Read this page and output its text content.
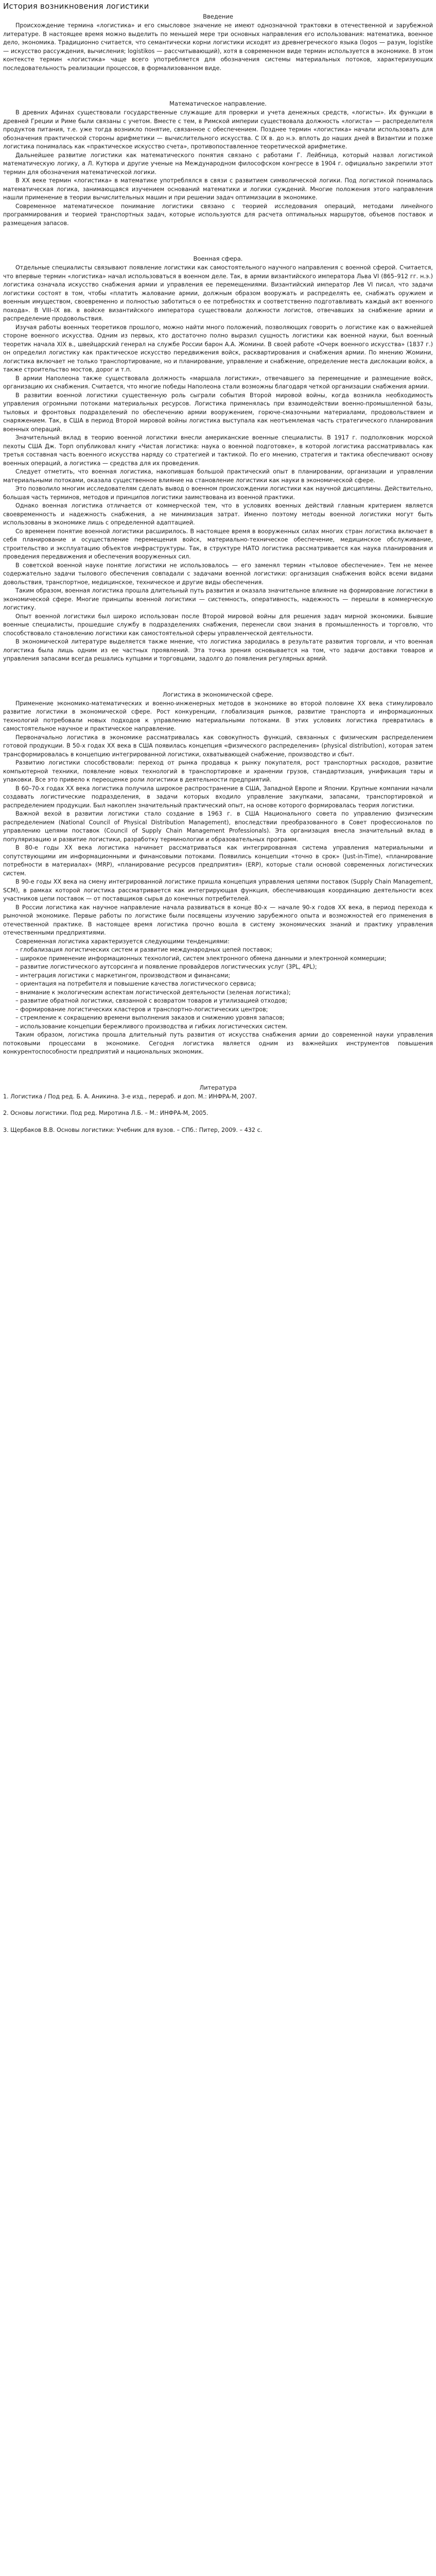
История возникновения логистики
Введение

Происхождение термина «логистика» и его смысловое значение не имеют однозначной трактовки в отечественной и зарубежной литературе. В настоящее время можно выделить по меньшей мере три основных направления его использования: математика, военное дело, экономика. Традиционно считается, что семантически корни логистики исходят из древнегреческого языка (logos — разум, logistike — искусство рассуждения, вычисления; logistikos — рассчитывающий), хотя в современном виде термин используется в экономике. В этом контексте термин «логистика» чаще всего употребляется для обозначения системы материальных потоков, характеризующих последовательность реализации процессов, в формализованном виде.

Математическое направление.

В древних Афинах существовали государственные служащие для проверки и учета денежных средств, «логисты». Их функции в древней Греции и Риме были связаны с учетом. Вместе с тем, в Римской империи существовала должность «логиста» — распределителя продуктов питания, т.е. уже тогда возникло понятие, связанное с обеспечением. Позднее термин «логистика» начали использовать для обозначения практической стороны арифметики — вычислительного искусства. С IX в. до н.э. вплоть до наших дней в Византии и позже логистика понималась как «практическое искусство счета», противопоставленное теоретической арифметике.

Дальнейшее развитие логистики как математического понятия связано с работами Г. Лейбница, который назвал логистикой математическую логику, а Л. Кутюра и другие ученые на Международном философском конгрессе в 1904 г. официально закрепили этот термин для обозначения математической логики.

В ХХ веке термин «логистика» в математике употреблялся в связи с развитием символической логики. Под логистикой понималась математическая логика, занимающаяся изучением оснований математики и логики суждений. Многие положения этого направления нашли применение в теории вычислительных машин и при решении задач оптимизации в экономике.

Современное математическое понимание логистики связано с теорией исследования операций, методами линейного программирования и теорией транспортных задач, которые используются для расчета оптимальных маршрутов, объемов поставок и размещения запасов.

Военная сфера.

Отдельные специалисты связывают появление логистики как самостоятельного научного направления с военной сферой. Считается, что впервые термин «логистика» начал использоваться в военном деле. Так, в армии византийского императора Льва VI (865–912 гг. н.э.) логистика означала искусство снабжения армии и управления ее перемещениями. Византийский император Лев VI писал, что задачи логистики состоят в том, чтобы «платить жалование армии, должным образом вооружать и распределять ее, снабжать оружием и военным имуществом, своевременно и полностью заботиться о ее потребностях и соответственно подготавливать каждый акт военного похода». В VIII–IX вв. в войске византийского императора существовали должности логистов, отвечавших за снабжение армии и распределение продовольствия.

Изучая работы военных теоретиков прошлого, можно найти много положений, позволяющих говорить о логистике как о важнейшей стороне военного искусства. Одним из первых, кто достаточно полно выразил сущность логистики как военной науки, был военный теоретик начала XIX в., швейцарский генерал на службе России барон А.А. Жомини. В своей работе «Очерк военного искусства» (1837 г.) он определил логистику как практическое искусство передвижения войск, расквартирования и снабжения армии. По мнению Жомини, логистика включает не только транспортирование, но и планирование, управление и снабжение, определение места дислокации войск, а также строительство мостов, дорог и т.п.

В армии Наполеона также существовала должность «маршала логистики», отвечавшего за перемещение и размещение войск, организацию их снабжения. Считается, что многие победы Наполеона стали возможны благодаря четкой организации снабжения армии.

В развитии военной логистики существенную роль сыграли события Второй мировой войны, когда возникла необходимость управления огромными потоками материальных ресурсов. Логистика применялась при взаимодействии военно-промышленной базы, тыловых и фронтовых подразделений по обеспечению армии вооружением, горюче-смазочными материалами, продовольствием и снаряжением. Так, в США в период Второй мировой войны логистика выступала как неотъемлемая часть стратегического планирования военных операций.

Значительный вклад в теорию военной логистики внесли американские военные специалисты. В 1917 г. подполковник морской пехоты США Дж. Торп опубликовал книгу «Чистая логистика: наука о военной подготовке», в которой логистика рассматривалась как третья составная часть военного искусства наряду со стратегией и тактикой. По его мнению, стратегия и тактика обеспечивают основу военных операций, а логистика — средства для их проведения.

Следует отметить, что военная логистика, накопившая большой практический опыт в планировании, организации и управлении материальными потоками, оказала существенное влияние на становление логистики как науки в экономической сфере.

Это позволило многим исследователям сделать вывод о военном происхождении логистики как научной дисциплины. Действительно, большая часть терминов, методов и принципов логистики заимствована из военной практики.

Однако военная логистика отличается от коммерческой тем, что в условиях военных действий главным критерием является своевременность и надежность снабжения, а не минимизация затрат. Именно поэтому методы военной логистики могут быть использованы в экономике лишь с определенной адаптацией.

Со временем понятие военной логистики расширилось. В настоящее время в вооруженных силах многих стран логистика включает в себя планирование и осуществление перемещения войск, материально-техническое обеспечение, медицинское обслуживание, строительство и эксплуатацию объектов инфраструктуры. Так, в структуре НАТО логистика рассматривается как наука планирования и проведения передвижения и обеспечения вооруженных сил.

В советской военной науке понятие логистики не использовалось — его заменял термин «тыловое обеспечение». Тем не менее содержательно задачи тылового обеспечения совпадали с задачами военной логистики: организация снабжения войск всеми видами довольствия, транспортное, медицинское, техническое и другие виды обеспечения.

Таким образом, военная логистика прошла длительный путь развития и оказала значительное влияние на формирование логистики в экономической сфере. Многие принципы военной логистики — системность, оперативность, надежность — перешли в коммерческую логистику.

Опыт военной логистики был широко использован после Второй мировой войны для решения задач мирной экономики. Бывшие военные специалисты, прошедшие службу в подразделениях снабжения, перенесли свои знания в промышленность и торговлю, что способствовало становлению логистики как самостоятельной сферы управленческой деятельности.

В экономической литературе выделяется также мнение, что логистика зародилась в результате развития торговли, и что военная логистика была лишь одним из ее частных проявлений. Эта точка зрения основывается на том, что задачи доставки товаров и управления запасами всегда решались купцами и торговцами, задолго до появления регулярных армий.

Логистика в экономической сфере.

Применение экономико-математических и военно-инженерных методов в экономике во второй половине XX века стимулировало развитие логистики в экономической сфере. Рост конкуренции, глобализация рынков, развитие транспорта и информационных технологий потребовали новых подходов к управлению материальными потоками. В этих условиях логистика превратилась в самостоятельное научное и практическое направление.

Первоначально логистика в экономике рассматривалась как совокупность функций, связанных с физическим распределением готовой продукции. В 50-х годах ХХ века в США появилась концепция «физического распределения» (physical distribution), которая затем трансформировалась в концепцию интегрированной логистики, охватывающей снабжение, производство и сбыт.

Развитию логистики способствовали: переход от рынка продавца к рынку покупателя, рост транспортных расходов, развитие компьютерной техники, появление новых технологий в транспортировке и хранении грузов, стандартизация, унификация тары и упаковки. Все это привело к переоценке роли логистики в деятельности предприятий.

В 60–70-х годах ХХ века логистика получила широкое распространение в США, Западной Европе и Японии. Крупные компании начали создавать логистические подразделения, в задачи которых входило управление закупками, запасами, транспортировкой и распределением продукции. Был накоплен значительный практический опыт, на основе которого формировалась теория логистики.

Важной вехой в развитии логистики стало создание в 1963 г. в США Национального совета по управлению физическим распределением (National Council of Physical Distribution Management), впоследствии преобразованного в Совет профессионалов по управлению цепями поставок (Council of Supply Chain Management Professionals). Эта организация внесла значительный вклад в популяризацию и развитие логистики, разработку терминологии и образовательных программ.

В 80-е годы ХХ века логистика начинает рассматриваться как интегрированная система управления материальными и сопутствующими им информационными и финансовыми потоками. Появились концепции «точно в срок» (Just-in-Time), «планирование потребности в материалах» (MRP), «планирование ресурсов предприятия» (ERP), которые стали основой современных логистических систем.

В 90-е годы ХХ века на смену интегрированной логистике пришла концепция управления цепями поставок (Supply Chain Management, SCM), в рамках которой логистика рассматривается как интегрирующая функция, обеспечивающая координацию деятельности всех участников цепи поставок — от поставщиков сырья до конечных потребителей.

В России логистика как научное направление начала развиваться в конце 80-х — начале 90-х годов ХХ века, в период перехода к рыночной экономике. Первые работы по логистике были посвящены изучению зарубежного опыта и возможностей его применения в отечественной практике. В настоящее время логистика прочно вошла в систему экономических знаний и практику управления отечественными предприятиями.

Современная логистика характеризуется следующими тенденциями:

– глобализация логистических систем и развитие международных цепей поставок;

– широкое применение информационных технологий, систем электронного обмена данными и электронной коммерции;

– развитие логистического аутсорсинга и появление провайдеров логистических услуг (3PL, 4PL);

– интеграция логистики с маркетингом, производством и финансами;

– ориентация на потребителя и повышение качества логистического сервиса;

– внимание к экологическим аспектам логистической деятельности (зеленая логистика);

– развитие обратной логистики, связанной с возвратом товаров и утилизацией отходов;

– формирование логистических кластеров и транспортно-логистических центров;

– стремление к сокращению времени выполнения заказов и снижению уровня запасов;

– использование концепции бережливого производства и гибких логистических систем.

Таким образом, логистика прошла длительный путь развития от искусства снабжения армии до современной науки управления потоковыми процессами в экономике. Сегодня логистика является одним из важнейших инструментов повышения конкурентоспособности предприятий и национальных экономик.

Литература
1. Логистика / Под ред. Б. А. Аникина. 3-е изд., перераб. и доп. М.: ИНФРА-М, 2007.
2. Основы логистики. Под ред. Миротина Л.Б. – М.: ИНФРА-М, 2005.
3. Щербаков В.В. Основы логистики: Учебник для вузов. – СПб.: Питер, 2009. – 432 с.
